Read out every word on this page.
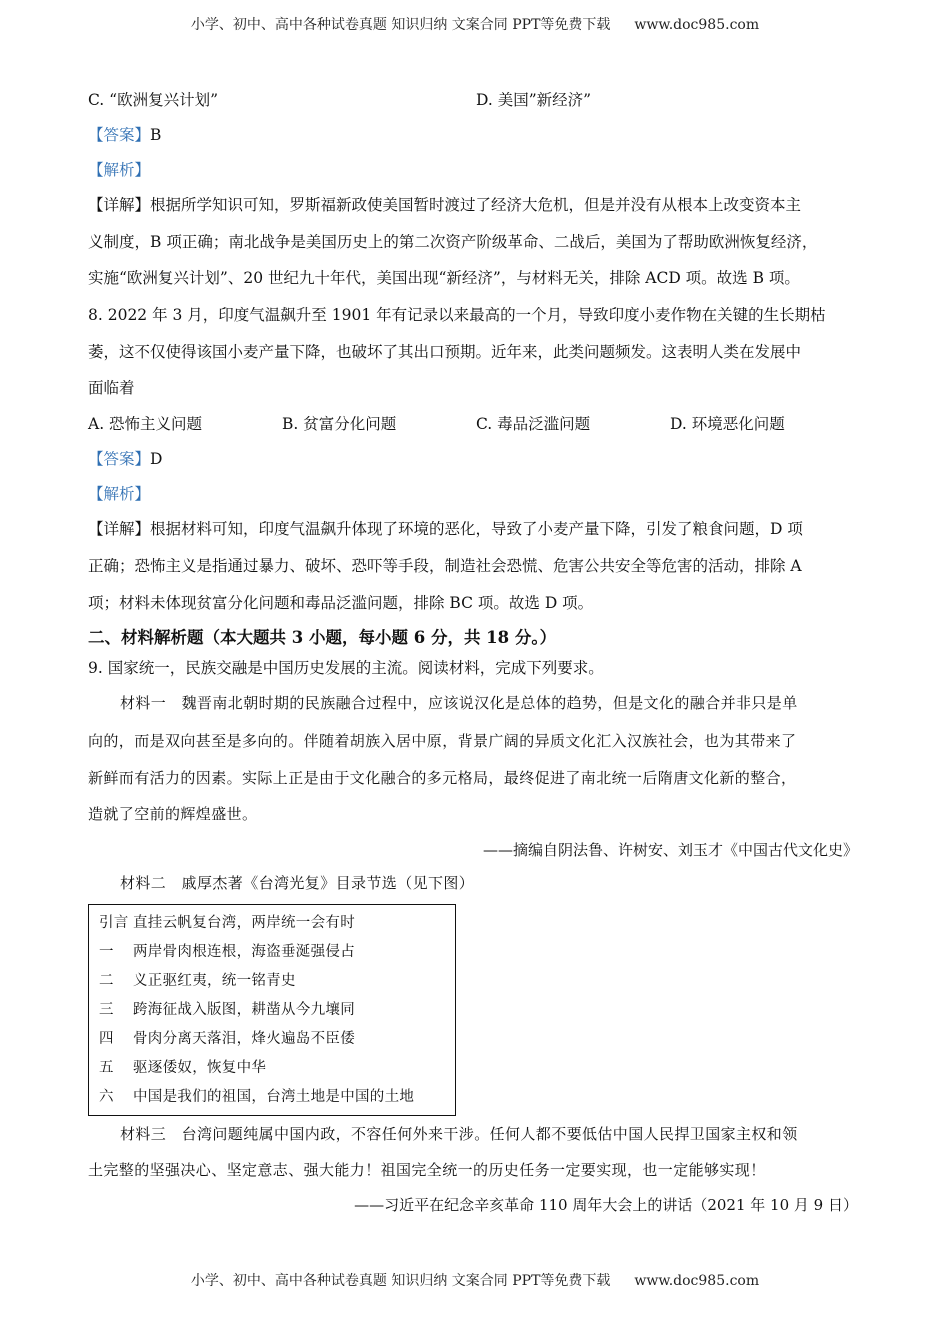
小学、初中、高中各种试卷真题 知识归纳 文案合同 PPT等免费下载 www.doc985.com
C. “欧洲复兴计划”	D. 美国”新经济”
【答案】B
【解析】
【详解】根据所学知识可知，罗斯福新政使美国暂时渡过了经济大危机，但是并没有从根本上改变资本主
义制度，B 项正确；南北战争是美国历史上的第二次资产阶级革命、二战后，美国为了帮助欧洲恢复经济，
实施“欧洲复兴计划”、20 世纪九十年代，美国出现“新经济”，与材料无关，排除 ACD 项。故选 B 项。
8. 2022 年 3 月，印度气温飙升至 1901 年有记录以来最高的一个月，导致印度小麦作物在关键的生长期枯
萎，这不仅使得该国小麦产量下降，也破坏了其出口预期。近年来，此类问题频发。这表明人类在发展中
面临着
A. 恐怖主义问题	B. 贫富分化问题	C. 毒品泛滥问题	D. 环境恶化问题
【答案】D
【解析】
【详解】根据材料可知，印度气温飙升体现了环境的恶化，导致了小麦产量下降，引发了粮食问题，D 项
正确；恐怖主义是指通过暴力、破坏、恐吓等手段，制造社会恐慌、危害公共安全等危害的活动，排除 A
项；材料未体现贫富分化问题和毒品泛滥问题，排除 BC 项。故选 D 项。
二、材料解析题（本大题共 3 小题，每小题 6 分，共 18 分。）
9. 国家统一，民族交融是中国历史发展的主流。阅读材料，完成下列要求。
材料一　魏晋南北朝时期的民族融合过程中，应该说汉化是总体的趋势，但是文化的融合并非只是单
向的，而是双向甚至是多向的。伴随着胡族入居中原，背景广阔的异质文化汇入汉族社会，也为其带来了
新鲜而有活力的因素。实际上正是由于文化融合的多元格局，最终促进了南北统一后隋唐文化新的整合，
造就了空前的辉煌盛世。
——摘编自阴法鲁、许树安、刘玉才《中国古代文化史》
材料二　戚厚杰著《台湾光复》目录节选（见下图）
引言 直挂云帆复台湾，两岸统一会有时
一 两岸骨肉根连根，海盗垂涎强侵占
二 义正驱红夷，统一铭青史
三 跨海征战入版图，耕凿从今九壤同
四 骨肉分离天落泪，烽火遍岛不臣倭
五 驱逐倭奴，恢复中华
六 中国是我们的祖国，台湾土地是中国的土地
材料三　台湾问题纯属中国内政，不容任何外来干涉。任何人都不要低估中国人民捍卫国家主权和领
土完整的坚强决心、坚定意志、强大能力！祖国完全统一的历史任务一定要实现，也一定能够实现！
——习近平在纪念辛亥革命 110 周年大会上的讲话（2021 年 10 月 9 日）
小学、初中、高中各种试卷真题 知识归纳 文案合同 PPT等免费下载 www.doc985.com
